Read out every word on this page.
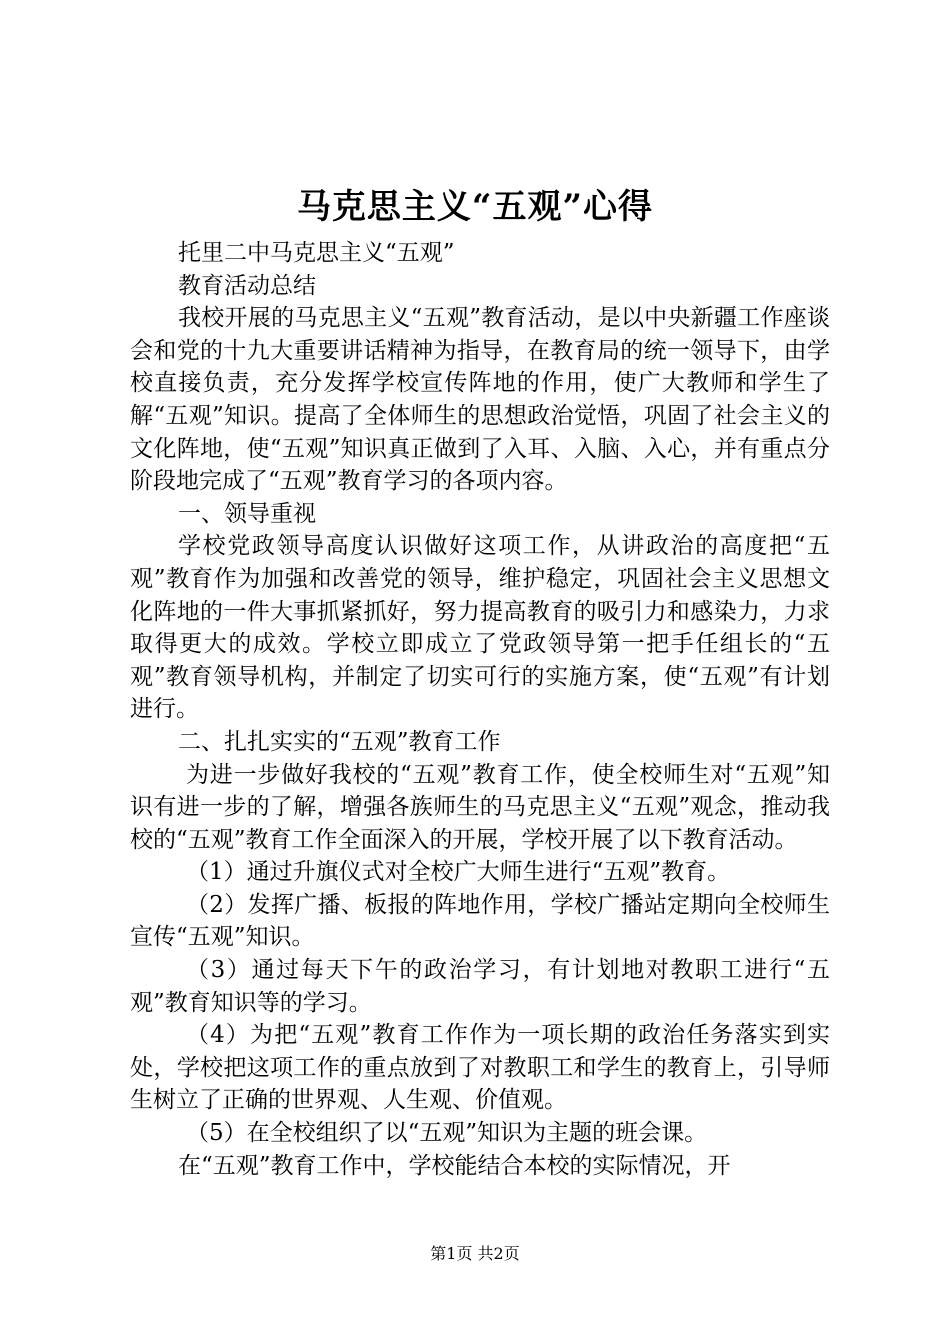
马克思主义“五观”心得

托里二中马克思主义“五观”

教育活动总结

我校开展的马克思主义“五观”教育活动，是以中央新疆工作座谈会和党的十九大重要讲话精神为指导，在教育局的统一领导下，由学校直接负责，充分发挥学校宣传阵地的作用，使广大教师和学生了解“五观”知识。提高了全体师生的思想政治觉悟，巩固了社会主义的文化阵地，使“五观”知识真正做到了入耳、入脑、入心，并有重点分阶段地完成了“五观”教育学习的各项内容。

一、领导重视

学校党政领导高度认识做好这项工作，从讲政治的高度把“五观”教育作为加强和改善党的领导，维护稳定，巩固社会主义思想文化阵地的一件大事抓紧抓好，努力提高教育的吸引力和感染力，力求取得更大的成效。学校立即成立了党政领导第一把手任组长的“五观”教育领导机构，并制定了切实可行的实施方案，使“五观”有计划进行。

二、扎扎实实的“五观”教育工作

为进一步做好我校的“五观”教育工作，使全校师生对“五观”知识有进一步的了解，增强各族师生的马克思主义“五观”观念，推动我校的“五观”教育工作全面深入的开展，学校开展了以下教育活动。

（1）通过升旗仪式对全校广大师生进行“五观”教育。

（2）发挥广播、板报的阵地作用，学校广播站定期向全校师生宣传“五观”知识。

（3）通过每天下午的政治学习，有计划地对教职工进行“五观”教育知识等的学习。

（4）为把“五观”教育工作作为一项长期的政治任务落实到实处，学校把这项工作的重点放到了对教职工和学生的教育上，引导师生树立了正确的世界观、人生观、价值观。

（5）在全校组织了以“五观”知识为主题的班会课。

在“五观”教育工作中，学校能结合本校的实际情况，开

第1页 共2页
